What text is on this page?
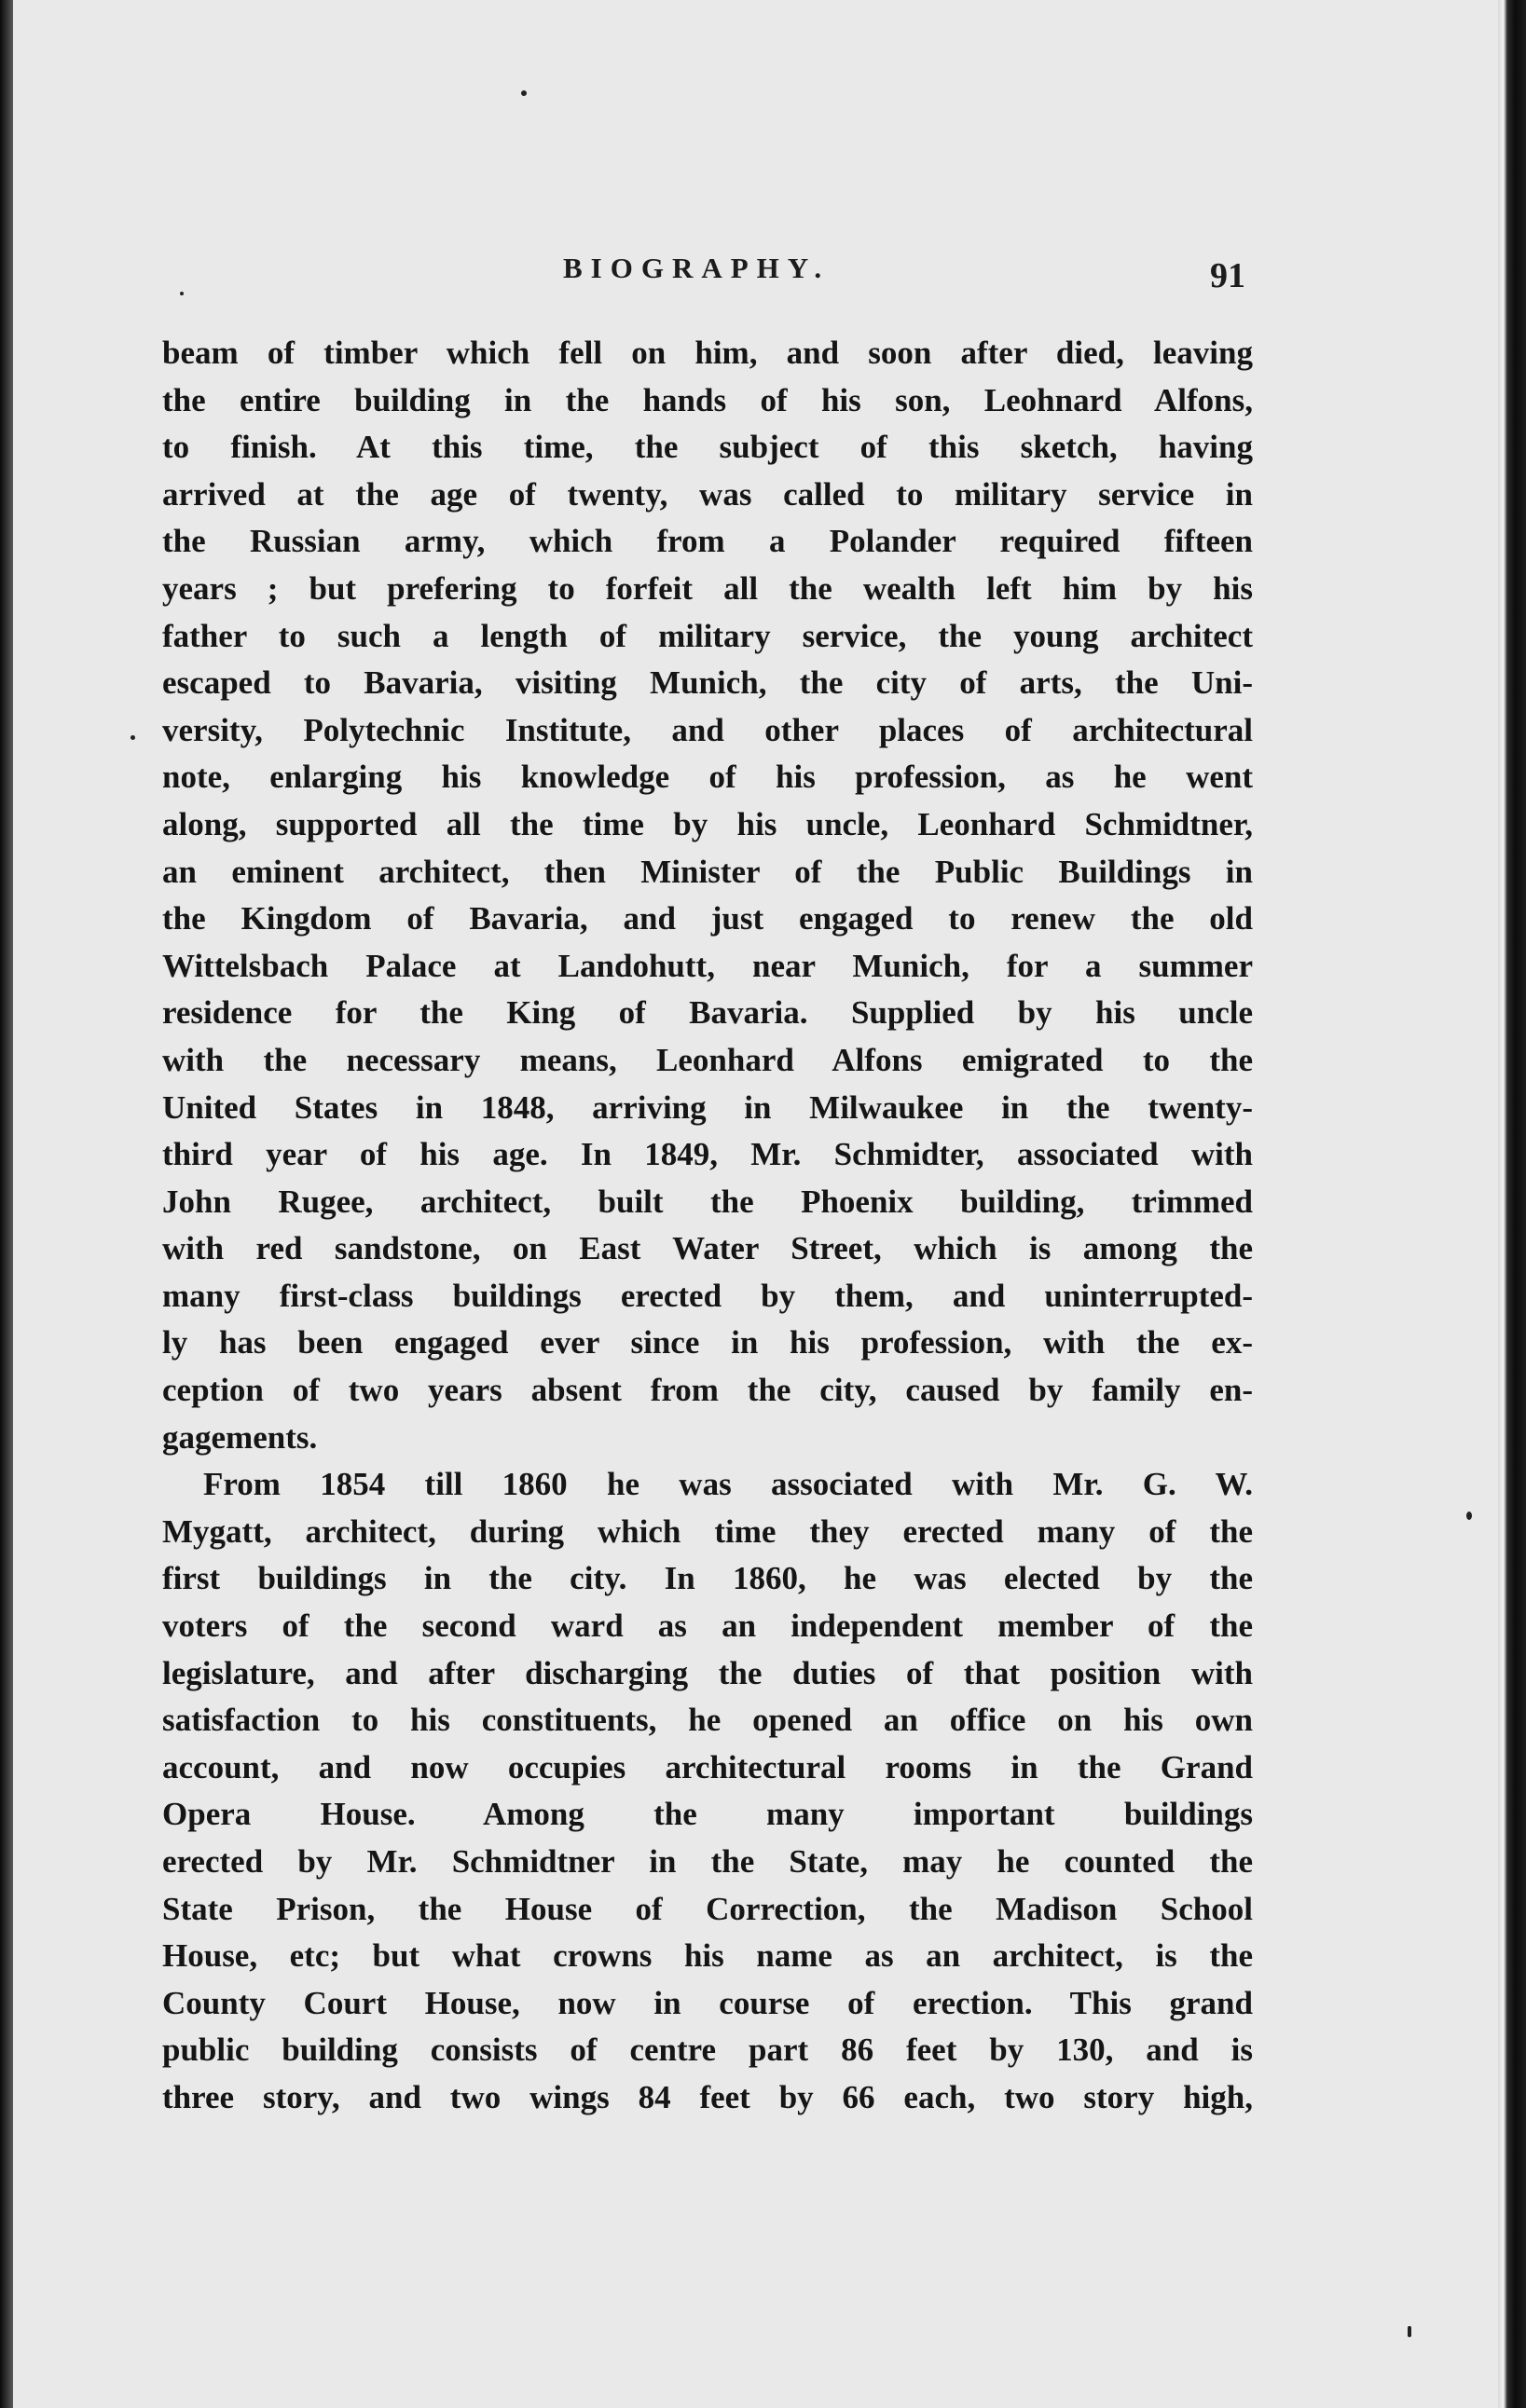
BIOGRAPHY.	91
beam of timber which fell on him, and soon after died, leaving
the entire building in the hands of his son, Leohnard Alfons,
to finish. At this time, the subject of this sketch, having
arrived at the age of twenty, was called to military service in
the Russian army, which from a Polander required fifteen
years ; but prefering to forfeit all the wealth left him by his
father to such a length of military service, the young architect
escaped to Bavaria, visiting Munich, the city of arts, the Uni-
versity, Polytechnic Institute, and other places of architectural
note, enlarging his knowledge of his profession, as he went
along, supported all the time by his uncle, Leonhard Schmidtner,
an eminent architect, then Minister of the Public Buildings in
the Kingdom of Bavaria, and just engaged to renew the old
Wittelsbach Palace at Landohutt, near Munich, for a summer
residence for the King of Bavaria. Supplied by his uncle
with the necessary means, Leonhard Alfons emigrated to the
United States in 1848, arriving in Milwaukee in the twenty-
third year of his age. In 1849, Mr. Schmidter, associated with
John Rugee, architect, built the Phoenix building, trimmed
with red sandstone, on East Water Street, which is among the
many first-class buildings erected by them, and uninterrupted-
ly has been engaged ever since in his profession, with the ex-
ception of two years absent from the city, caused by family en-
gagements.
From 1854 till 1860 he was associated with Mr. G. W.
Mygatt, architect, during which time they erected many of the
first buildings in the city. In 1860, he was elected by the
voters of the second ward as an independent member of the
legislature, and after discharging the duties of that position with
satisfaction to his constituents, he opened an office on his own
account, and now occupies architectural rooms in the Grand
Opera House. Among the many important buildings
erected by Mr. Schmidtner in the State, may he counted the
State Prison, the House of Correction, the Madison School
House, etc; but what crowns his name as an architect, is the
County Court House, now in course of erection. This grand
public building consists of centre part 86 feet by 130, and is
three story, and two wings 84 feet by 66 each, two story high,
